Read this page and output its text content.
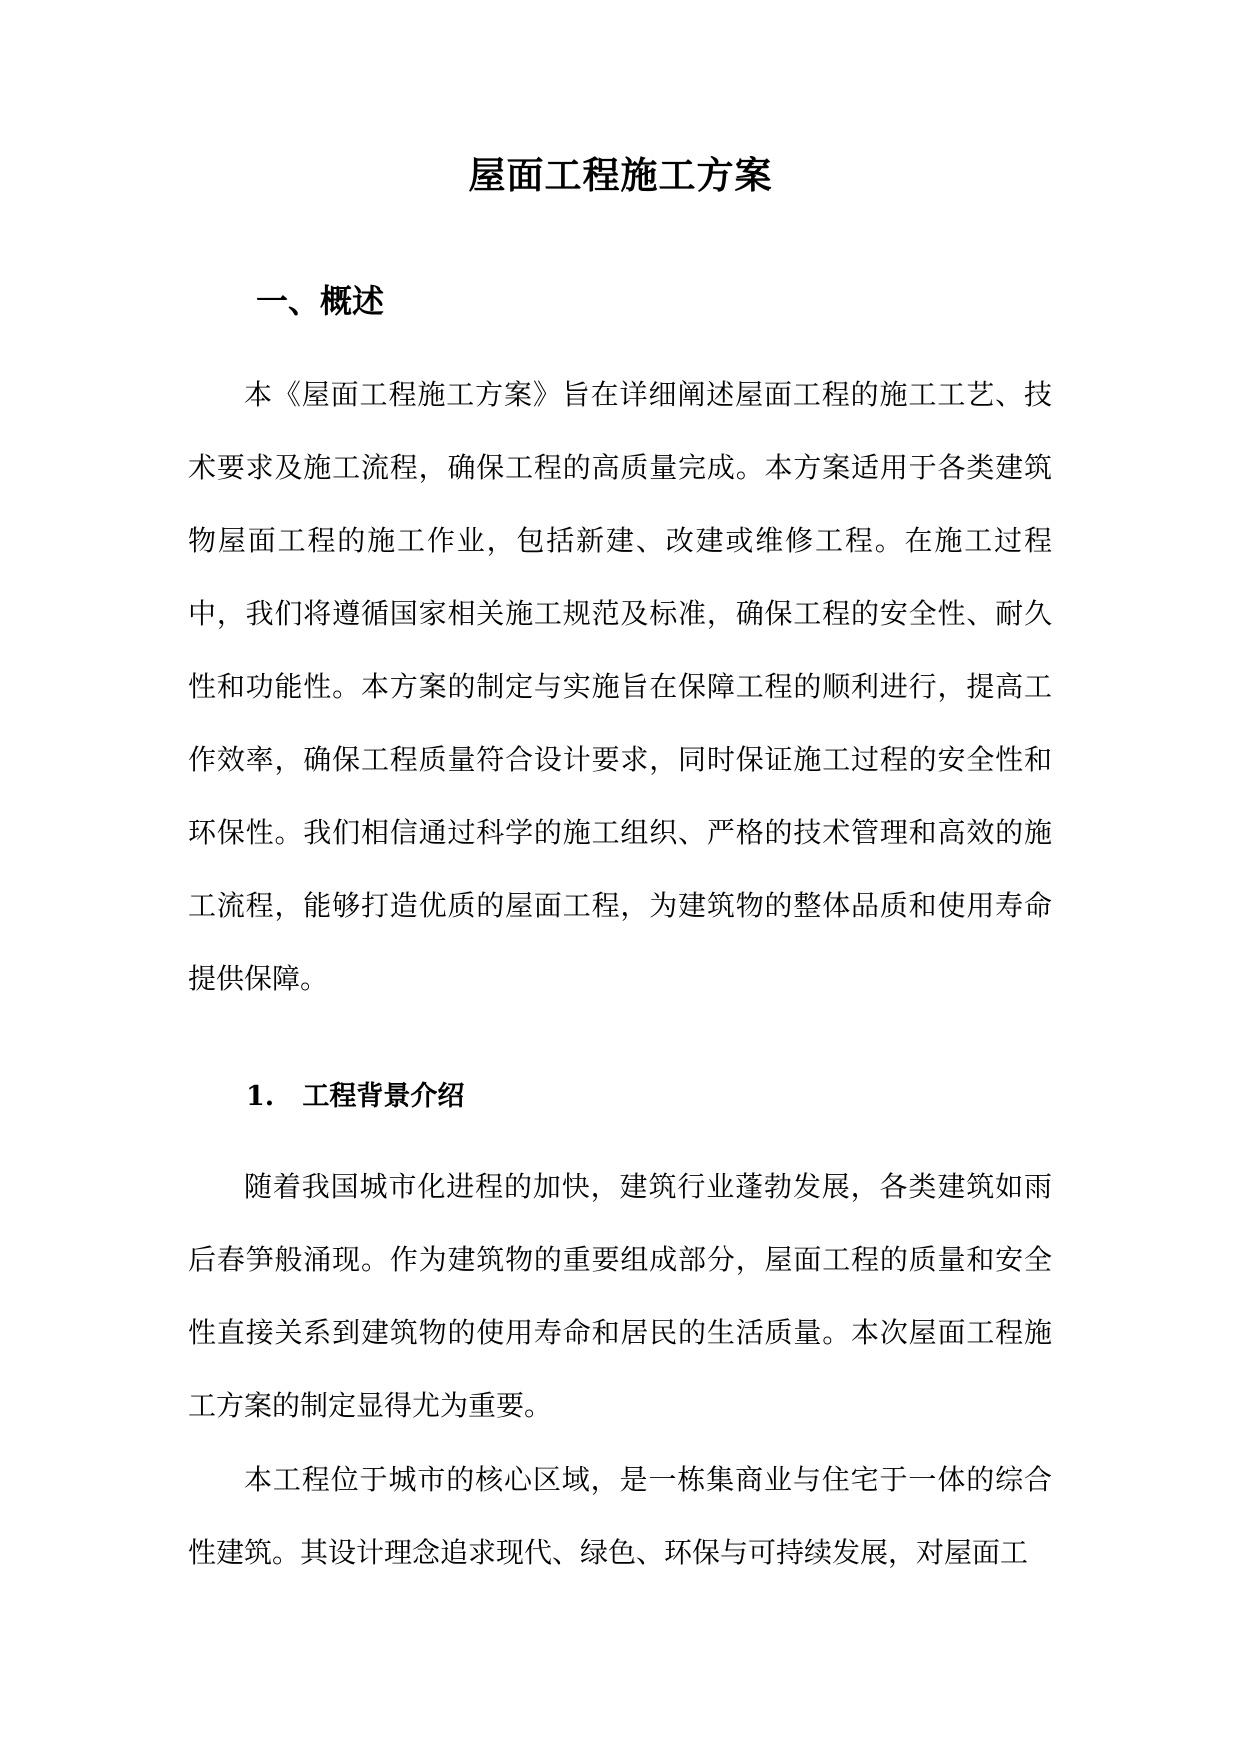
屋面工程施工方案
一、概述

本《屋面工程施工方案》旨在详细阐述屋面工程的施工工艺、技术要求及施工流程，确保工程的高质量完成。本方案适用于各类建筑物屋面工程的施工作业，包括新建、改建或维修工程。在施工过程中，我们将遵循国家相关施工规范及标准，确保工程的安全性、耐久性和功能性。本方案的制定与实施旨在保障工程的顺利进行，提高工作效率，确保工程质量符合设计要求，同时保证施工过程的安全性和环保性。我们相信通过科学的施工组织、严格的技术管理和高效的施工流程，能够打造优质的屋面工程，为建筑物的整体品质和使用寿命提供保障。

1.   工程背景介绍

随着我国城市化进程的加快，建筑行业蓬勃发展，各类建筑如雨后春笋般涌现。作为建筑物的重要组成部分，屋面工程的质量和安全性直接关系到建筑物的使用寿命和居民的生活质量。本次屋面工程施工方案的制定显得尤为重要。

本工程位于城市的核心区域，是一栋集商业与住宅于一体的综合性建筑。其设计理念追求现代、绿色、环保与可持续发展，对屋面工
